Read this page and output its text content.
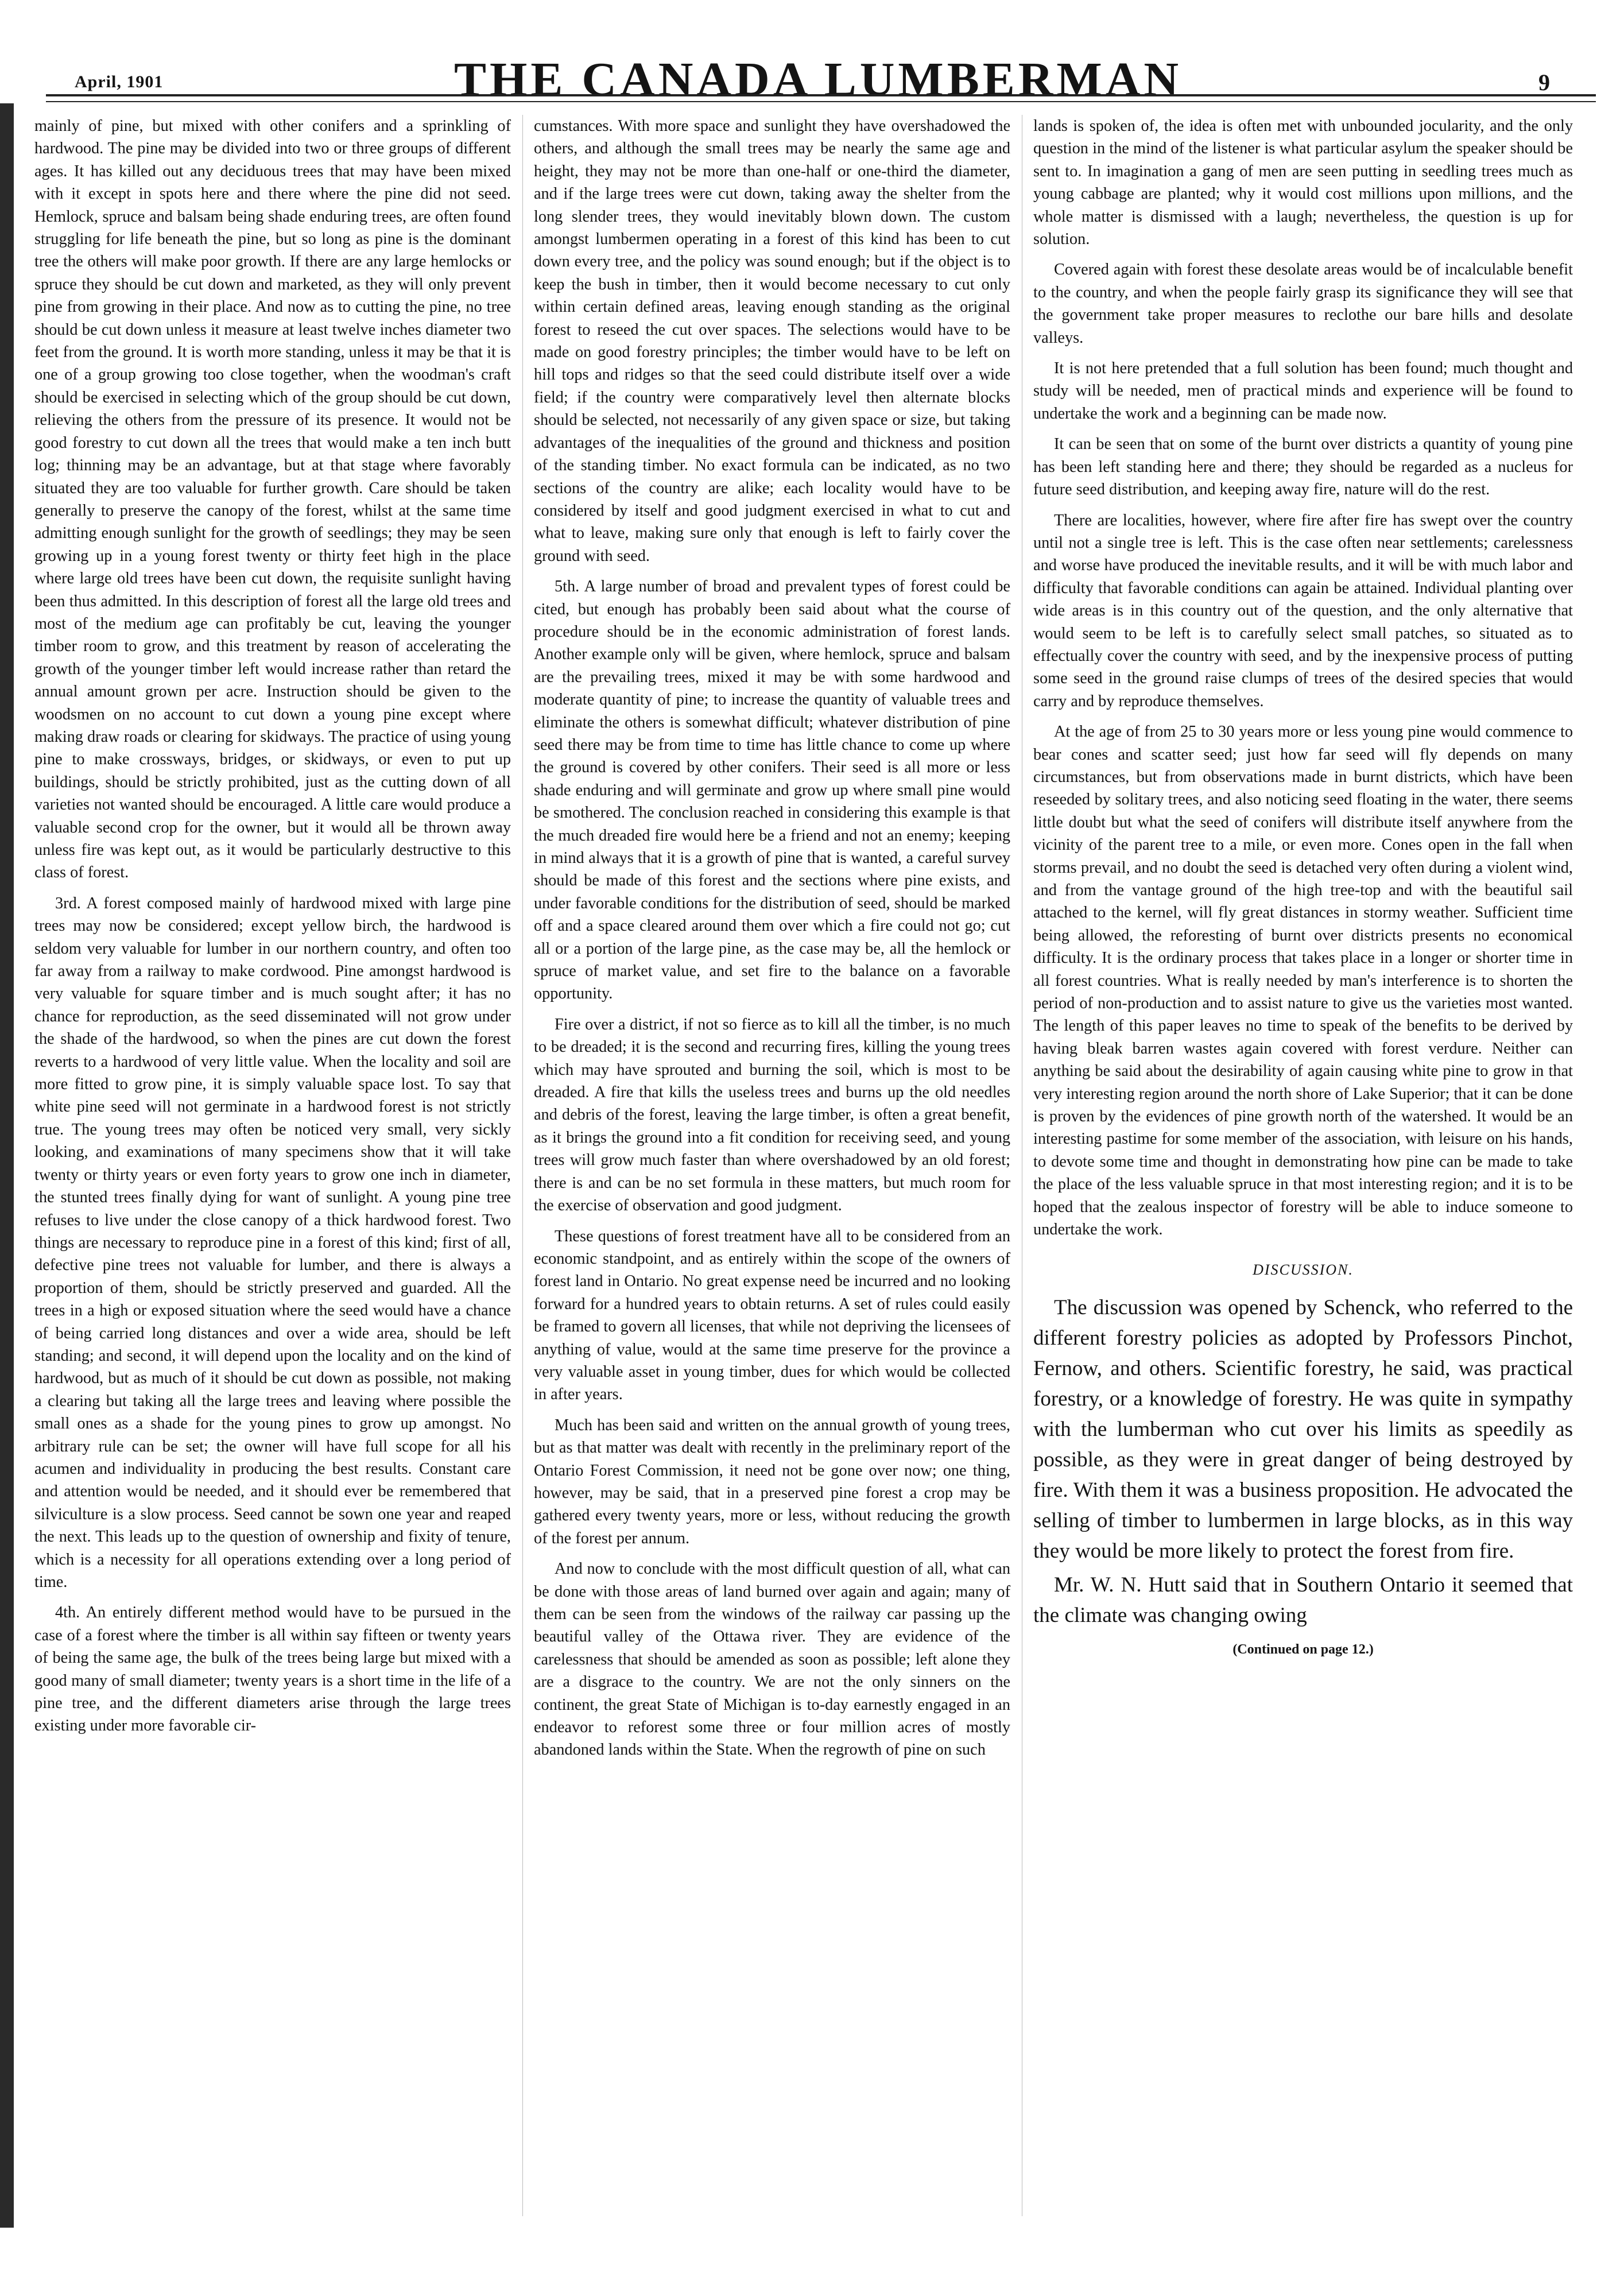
April, 1901	THE CANADA LUMBERMAN	9

mainly of pine, but mixed with other conifers and a sprinkling of hardwood. The pine may be divided into two or three groups of different ages. It has killed out any deciduous trees that may have been mixed with it except in spots here and there where the pine did not seed. Hemlock, spruce and balsam being shade enduring trees, are often found struggling for life beneath the pine, but so long as pine is the dominant tree the others will make poor growth. If there are any large hemlocks or spruce they should be cut down and marketed, as they will only prevent pine from growing in their place. And now as to cutting the pine, no tree should be cut down unless it measure at least twelve inches diameter two feet from the ground. It is worth more standing, unless it may be that it is one of a group growing too close together, when the woodman's craft should be exercised in selecting which of the group should be cut down, relieving the others from the pressure of its presence. It would not be good forestry to cut down all the trees that would make a ten inch butt log; thinning may be an advantage, but at that stage where favorably situated they are too valuable for further growth. Care should be taken generally to preserve the canopy of the forest, whilst at the same time admitting enough sunlight for the growth of seedlings; they may be seen growing up in a young forest twenty or thirty feet high in the place where large old trees have been cut down, the requisite sunlight having been thus admitted. In this description of forest all the large old trees and most of the medium age can profitably be cut, leaving the younger timber room to grow, and this treatment by reason of accelerating the growth of the younger timber left would increase rather than retard the annual amount grown per acre. Instruction should be given to the woodsmen on no account to cut down a young pine except where making draw roads or clearing for skidways. The practice of using young pine to make crossways, bridges, or skidways, or even to put up buildings, should be strictly prohibited, just as the cutting down of all varieties not wanted should be encouraged. A little care would produce a valuable second crop for the owner, but it would all be thrown away unless fire was kept out, as it would be particularly destructive to this class of forest.

3rd. A forest composed mainly of hardwood mixed with large pine trees may now be considered; except yellow birch, the hardwood is seldom very valuable for lumber in our northern country, and often too far away from a railway to make cordwood. Pine amongst hardwood is very valuable for square timber and is much sought after; it has no chance for reproduction, as the seed disseminated will not grow under the shade of the hardwood, so when the pines are cut down the forest reverts to a hardwood of very little value. When the locality and soil are more fitted to grow pine, it is simply valuable space lost. To say that white pine seed will not germinate in a hardwood forest is not strictly true. The young trees may often be noticed very small, very sickly looking, and examinations of many specimens show that it will take twenty or thirty years or even forty years to grow one inch in diameter, the stunted trees finally dying for want of sunlight. A young pine tree refuses to live under the close canopy of a thick hardwood forest. Two things are necessary to reproduce pine in a forest of this kind; first of all, defective pine trees not valuable for lumber, and there is always a proportion of them, should be strictly preserved and guarded. All the trees in a high or exposed situation where the seed would have a chance of being carried long distances and over a wide area, should be left standing; and second, it will depend upon the locality and on the kind of hardwood, but as much of it should be cut down as possible, not making a clearing but taking all the large trees and leaving where possible the small ones as a shade for the young pines to grow up amongst. No arbitrary rule can be set; the owner will have full scope for all his acumen and individuality in producing the best results. Constant care and attention would be needed, and it should ever be remembered that silviculture is a slow process. Seed cannot be sown one year and reaped the next. This leads up to the question of ownership and fixity of tenure, which is a necessity for all operations extending over a long period of time.

4th. An entirely different method would have to be pursued in the case of a forest where the timber is all within say fifteen or twenty years of being the same age, the bulk of the trees being large but mixed with a good many of small diameter; twenty years is a short time in the life of a pine tree, and the different diameters arise through the large trees existing under more favorable cir-

cumstances. With more space and sunlight they have overshadowed the others, and although the small trees may be nearly the same age and height, they may not be more than one-half or one-third the diameter, and if the large trees were cut down, taking away the shelter from the long slender trees, they would inevitably blown down. The custom amongst lumbermen operating in a forest of this kind has been to cut down every tree, and the policy was sound enough; but if the object is to keep the bush in timber, then it would become necessary to cut only within certain defined areas, leaving enough standing as the original forest to reseed the cut over spaces. The selections would have to be made on good forestry principles; the timber would have to be left on hill tops and ridges so that the seed could distribute itself over a wide field; if the country were comparatively level then alternate blocks should be selected, not necessarily of any given space or size, but taking advantages of the inequalities of the ground and thickness and position of the standing timber. No exact formula can be indicated, as no two sections of the country are alike; each locality would have to be considered by itself and good judgment exercised in what to cut and what to leave, making sure only that enough is left to fairly cover the ground with seed.

5th. A large number of broad and prevalent types of forest could be cited, but enough has probably been said about what the course of procedure should be in the economic administration of forest lands. Another example only will be given, where hemlock, spruce and balsam are the prevailing trees, mixed it may be with some hardwood and moderate quantity of pine; to increase the quantity of valuable trees and eliminate the others is somewhat difficult; whatever distribution of pine seed there may be from time to time has little chance to come up where the ground is covered by other conifers. Their seed is all more or less shade enduring and will germinate and grow up where small pine would be smothered. The conclusion reached in considering this example is that the much dreaded fire would here be a friend and not an enemy; keeping in mind always that it is a growth of pine that is wanted, a careful survey should be made of this forest and the sections where pine exists, and under favorable conditions for the distribution of seed, should be marked off and a space cleared around them over which a fire could not go; cut all or a portion of the large pine, as the case may be, all the hemlock or spruce of market value, and set fire to the balance on a favorable opportunity.

Fire over a district, if not so fierce as to kill all the timber, is no much to be dreaded; it is the second and recurring fires, killing the young trees which may have sprouted and burning the soil, which is most to be dreaded. A fire that kills the useless trees and burns up the old needles and debris of the forest, leaving the large timber, is often a great benefit, as it brings the ground into a fit condition for receiving seed, and young trees will grow much faster than where overshadowed by an old forest; there is and can be no set formula in these matters, but much room for the exercise of observation and good judgment.

These questions of forest treatment have all to be considered from an economic standpoint, and as entirely within the scope of the owners of forest land in Ontario. No great expense need be incurred and no looking forward for a hundred years to obtain returns. A set of rules could easily be framed to govern all licenses, that while not depriving the licensees of anything of value, would at the same time preserve for the province a very valuable asset in young timber, dues for which would be collected in after years.

Much has been said and written on the annual growth of young trees, but as that matter was dealt with recently in the preliminary report of the Ontario Forest Commission, it need not be gone over now; one thing, however, may be said, that in a preserved pine forest a crop may be gathered every twenty years, more or less, without reducing the growth of the forest per annum.

And now to conclude with the most difficult question of all, what can be done with those areas of land burned over again and again; many of them can be seen from the windows of the railway car passing up the beautiful valley of the Ottawa river. They are evidence of the carelessness that should be amended as soon as possible; left alone they are a disgrace to the country. We are not the only sinners on the continent, the great State of Michigan is to-day earnestly engaged in an endeavor to reforest some three or four million acres of mostly abandoned lands within the State. When the regrowth of pine on such

lands is spoken of, the idea is often met with unbounded jocularity, and the only question in the mind of the listener is what particular asylum the speaker should be sent to. In imagination a gang of men are seen putting in seedling trees much as young cabbage are planted; why it would cost millions upon millions, and the whole matter is dismissed with a laugh; nevertheless, the question is up for solution.

Covered again with forest these desolate areas would be of incalculable benefit to the country, and when the people fairly grasp its significance they will see that the government take proper measures to reclothe our bare hills and desolate valleys.

It is not here pretended that a full solution has been found; much thought and study will be needed, men of practical minds and experience will be found to undertake the work and a beginning can be made now.

It can be seen that on some of the burnt over districts a quantity of young pine has been left standing here and there; they should be regarded as a nucleus for future seed distribution, and keeping away fire, nature will do the rest.

There are localities, however, where fire after fire has swept over the country until not a single tree is left. This is the case often near settlements; carelessness and worse have produced the inevitable results, and it will be with much labor and difficulty that favorable conditions can again be attained. Individual planting over wide areas is in this country out of the question, and the only alternative that would seem to be left is to carefully select small patches, so situated as to effectually cover the country with seed, and by the inexpensive process of putting some seed in the ground raise clumps of trees of the desired species that would carry and by reproduce themselves.

At the age of from 25 to 30 years more or less young pine would commence to bear cones and scatter seed; just how far seed will fly depends on many circumstances, but from observations made in burnt districts, which have been reseeded by solitary trees, and also noticing seed floating in the water, there seems little doubt but what the seed of conifers will distribute itself anywhere from the vicinity of the parent tree to a mile, or even more. Cones open in the fall when storms prevail, and no doubt the seed is detached very often during a violent wind, and from the vantage ground of the high tree-top and with the beautiful sail attached to the kernel, will fly great distances in stormy weather. Sufficient time being allowed, the reforesting of burnt over districts presents no economical difficulty. It is the ordinary process that takes place in a longer or shorter time in all forest countries. What is really needed by man's interference is to shorten the period of non-production and to assist nature to give us the varieties most wanted. The length of this paper leaves no time to speak of the benefits to be derived by having bleak barren wastes again covered with forest verdure. Neither can anything be said about the desirability of again causing white pine to grow in that very interesting region around the north shore of Lake Superior; that it can be done is proven by the evidences of pine growth north of the watershed. It would be an interesting pastime for some member of the association, with leisure on his hands, to devote some time and thought in demonstrating how pine can be made to take the place of the less valuable spruce in that most interesting region; and it is to be hoped that the zealous inspector of forestry will be able to induce someone to undertake the work.

DISCUSSION.

The discussion was opened by Schenck, who referred to the different forestry policies as adopted by Professors Pinchot, Fernow, and others. Scientific forestry, he said, was practical forestry, or a knowledge of forestry. He was quite in sympathy with the lumberman who cut over his limits as speedily as possible, as they were in great danger of being destroyed by fire. With them it was a business proposition. He advocated the selling of timber to lumbermen in large blocks, as in this way they would be more likely to protect the forest from fire.

Mr. W. N. Hutt said that in Southern Ontario it seemed that the climate was changing owing

(Continued on page 12.)
